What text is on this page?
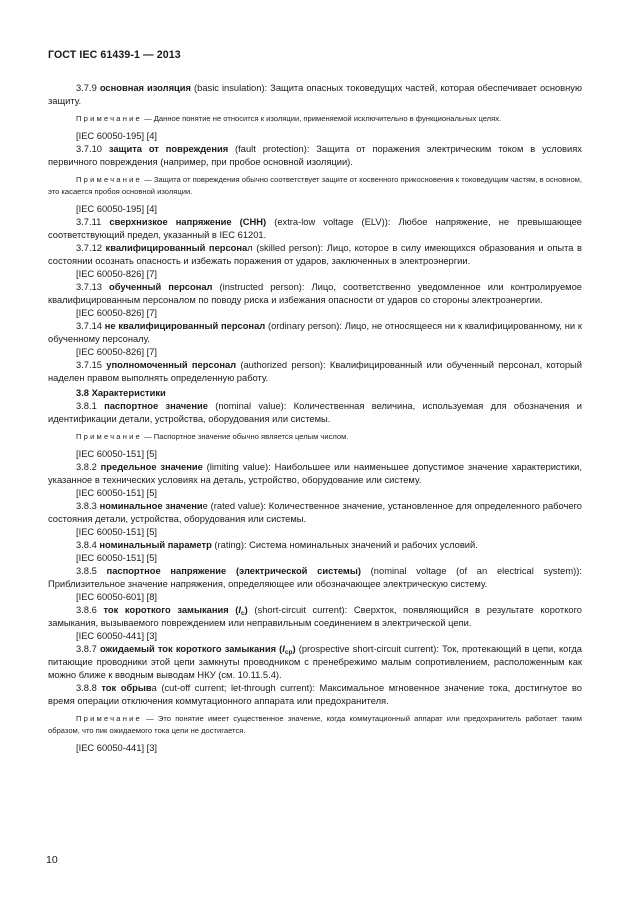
ГОСТ IEC 61439-1 — 2013

3.7.9 основная изоляция (basic insulation): Защита опасных токоведущих частей, которая обеспечивает основную защиту.

Примечание — Данное понятие не относится к изоляции, применяемой исключительно в функциональных целях.

[IEC 60050-195] [4]

3.7.10 защита от повреждения (fault protection): Защита от поражения электрическим током в условиях первичного повреждения (например, при пробое основной изоляции).

Примечание — Защита от повреждения обычно соответствует защите от косвенного прикосновения к токоведущим частям, в основном, это касается пробоя основной изоляции.

[IEC 60050-195] [4]

3.7.11 сверхнизкое напряжение (СНН) (extra-low voltage (ELV)): Любое напряжение, не превышающее соответствующий предел, указанный в IEC 61201.

3.7.12 квалифицированный персонал (skilled person): Лицо, которое в силу имеющихся образования и опыта в состоянии осознать опасность и избежать поражения от ударов, заключенных в электроэнергии.

[IEC 60050-826] [7]

3.7.13 обученный персонал (instructed person): Лицо, соответственно уведомленное или контролируемое квалифицированным персоналом по поводу риска и избежания опасности от ударов со стороны электроэнергии.

[IEC 60050-826] [7]

3.7.14 не квалифицированный персонал (ordinary person): Лицо, не относящееся ни к квалифицированному, ни к обученному персоналу.

[IEC 60050-826] [7]

3.7.15 уполномоченный персонал (authorized person): Квалифицированный или обученный персонал, который наделен правом выполнять определенную работу.

3.8 Характеристики

3.8.1 паспортное значение (nominal value): Количественная величина, используемая для обозначения и идентификации детали, устройства, оборудования или системы.

Примечание — Паспортное значение обычно является целым числом.

[IEC 60050-151] [5]

3.8.2 предельное значение (limiting value): Наибольшее или наименьшее допустимое значение характеристики, указанное в технических условиях на деталь, устройство, оборудование или систему.

[IEC 60050-151] [5]

3.8.3 номинальное значение (rated value): Количественное значение, установленное для определенного рабочего состояния детали, устройства, оборудования или системы.

[IEC 60050-151] [5]

3.8.4 номинальный параметр (rating): Система номинальных значений и рабочих условий.

[IEC 60050-151] [5]

3.8.5 паспортное напряжение (электрической системы) (nominal voltage (of an electrical system)): Приблизительное значение напряжения, определяющее или обозначающее электрическую систему.

[IEC 60050-601] [8]

3.8.6 ток короткого замыкания $(I_c)$ (short-circuit current): Сверхток, появляющийся в результате короткого замыкания, вызываемого повреждением или неправильным соединением в электрической цепи.

[IEC 60050-441] [3]

3.8.7 ожидаемый ток короткого замыкания $(I_{cp})$ (prospective short-circuit current): Ток, протекающий в цепи, когда питающие проводники этой цепи замкнуты проводником с пренебрежимо малым сопротивлением, расположенным как можно ближе к вводным выводам НКУ (см. 10.11.5.4).

3.8.8 ток обрыва (cut-off current; let-through current): Максимальное мгновенное значение тока, достигнутое во время операции отключения коммутационного аппарата или предохранителя.

Примечание — Это понятие имеет существенное значение, когда коммутационный аппарат или предохранитель работает таким образом, что пик ожидаемого тока цепи не достигается.

[IEC 60050-441] [3]

10
